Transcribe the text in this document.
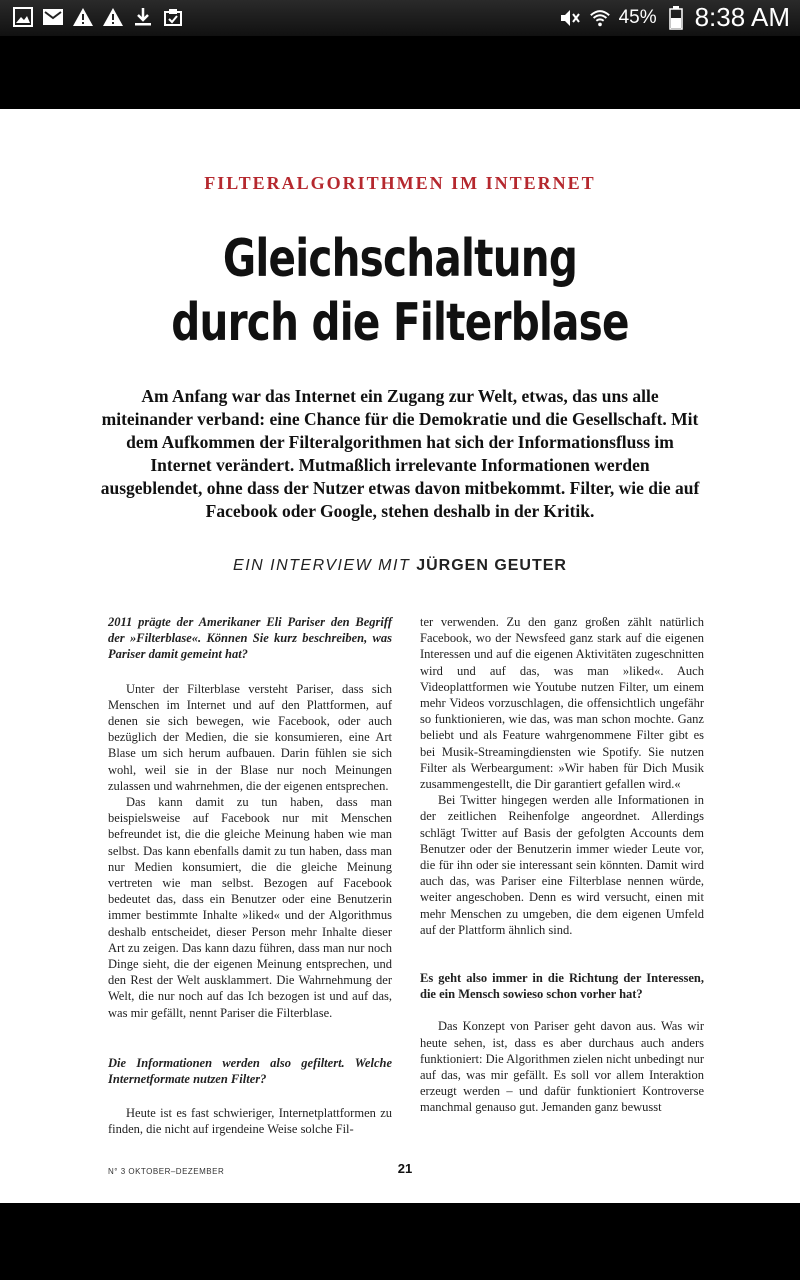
45% 8:38 AM
FILTERALGORITHMEN IM INTERNET
Gleichschaltung
durch die Filterblase
Am Anfang war das Internet ein Zugang zur Welt, etwas, das uns alle miteinander verband: eine Chance für die Demokratie und die Gesellschaft. Mit dem Aufkommen der Filteralgorithmen hat sich der Informationsfluss im Internet verändert. Mutmaßlich irrelevante Informationen werden ausgeblendet, ohne dass der Nutzer etwas davon mitbekommt. Filter, wie die auf Facebook oder Google, stehen deshalb in der Kritik.
EIN INTERVIEW MIT JÜRGEN GEUTER

2011 prägte der Amerikaner Eli Pariser den Begriff der »Filterblase«. Können Sie kurz beschreiben, was Pariser damit gemeint hat?

Unter der Filterblase versteht Pariser, dass sich Menschen im Internet und auf den Plattformen, auf denen sie sich bewegen, wie Facebook, oder auch bezüglich der Medien, die sie konsumieren, eine Art Blase um sich herum aufbauen. Darin fühlen sie sich wohl, weil sie in der Blase nur noch Meinungen zulassen und wahrnehmen, die der eigenen entsprechen.

Das kann damit zu tun haben, dass man beispielsweise auf Facebook nur mit Menschen befreundet ist, die die gleiche Meinung haben wie man selbst. Das kann ebenfalls damit zu tun haben, dass man nur Medien konsumiert, die die gleiche Meinung vertreten wie man selbst. Bezogen auf Facebook bedeutet das, dass ein Benutzer oder eine Benutzerin immer bestimmte Inhalte »liked« und der Algorithmus deshalb entscheidet, dieser Person mehr Inhalte dieser Art zu zeigen. Das kann dazu führen, dass man nur noch Dinge sieht, die der eigenen Meinung entsprechen, und den Rest der Welt ausklammert. Die Wahrnehmung der Welt, die nur noch auf das Ich bezogen ist und auf das, was mir gefällt, nennt Pariser die Filterblase.

Die Informationen werden also gefiltert. Welche Internetformate nutzen Filter?

Heute ist es fast schwieriger, Internetplattformen zu finden, die nicht auf irgendeine Weise solche Fil-

ter verwenden. Zu den ganz großen zählt natürlich Facebook, wo der Newsfeed ganz stark auf die eigenen Interessen und auf die eigenen Aktivitäten zugeschnitten wird und auf das, was man »liked«. Auch Videoplattformen wie Youtube nutzen Filter, um einem mehr Videos vorzuschlagen, die offensichtlich ungefähr so funktionieren, wie das, was man schon mochte. Ganz beliebt und als Feature wahrgenommene Filter gibt es bei Musik-Streamingdiensten wie Spotify. Sie nutzen Filter als Werbeargument: »Wir haben für Dich Musik zusammengestellt, die Dir garantiert gefallen wird.«

Bei Twitter hingegen werden alle Informationen in der zeitlichen Reihenfolge angeordnet. Allerdings schlägt Twitter auf Basis der gefolgten Accounts dem Benutzer oder der Benutzerin immer wieder Leute vor, die für ihn oder sie interessant sein könnten. Damit wird auch das, was Pariser eine Filterblase nennen würde, weiter angeschoben. Denn es wird versucht, einen mit mehr Menschen zu umgeben, die dem eigenen Umfeld auf der Plattform ähnlich sind.

Es geht also immer in die Richtung der Interessen, die ein Mensch sowieso schon vorher hat?

Das Konzept von Pariser geht davon aus. Was wir heute sehen, ist, dass es aber durchaus auch anders funktioniert: Die Algorithmen zielen nicht unbedingt nur auf das, was mir gefällt. Es soll vor allem Interaktion erzeugt werden – und dafür funktioniert Kontroverse manchmal genauso gut. Jemanden ganz bewusst

N° 3 OKTOBER–DEZEMBER	21
